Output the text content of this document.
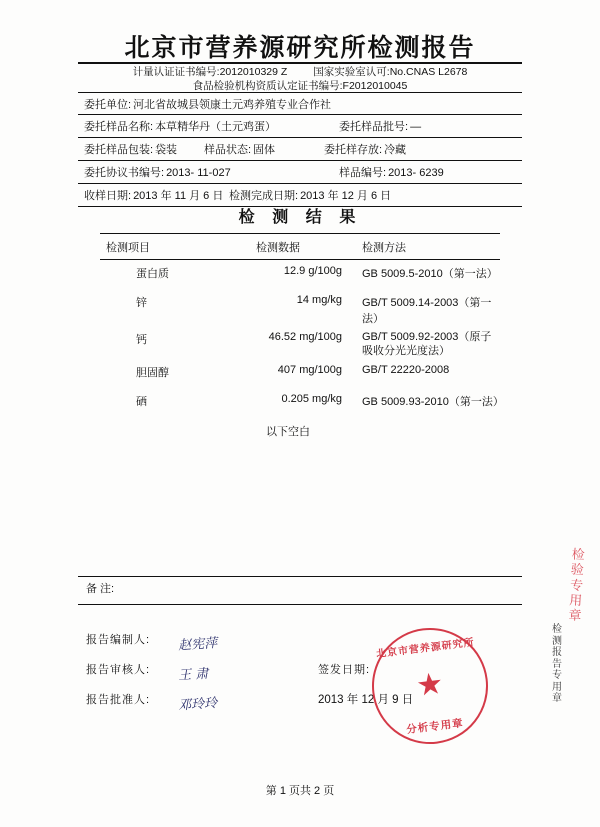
北京市营养源研究所检测报告
计量认证证书编号:2012010329 Z 国家实验室认可:No.CNAS L2678
食品检验机构资质认定证书编号:F2012010045
委托单位: 河北省故城县领康土元鸡养殖专业合作社
委托样品名称: 本草精华丹（土元鸡蛋）	委托样品批号: —
委托样品包装: 袋装 样品状态: 固体	委托样存放: 冷藏
委托协议书编号: 2013- 11-027	样品编号: 2013- 6239
收样日期: 2013 年 11 月 6 日 检测完成日期: 2013 年 12 月 6 日
检 测 结 果
检测项目	检测数据	检测方法
蛋白质	12.9 g/100g	GB 5009.5-2010（第一法）
锌	14 mg/kg	GB/T 5009.14-2003（第一法）
钙	46.52 mg/100g	GB/T 5009.92-2003（原子吸收分光光度法）
胆固醇	407 mg/100g	GB/T 22220-2008
硒	0.205 mg/kg	GB 5009.93-2010（第一法）
以下空白
备 注:
报告编制人:	赵宪萍
报告审核人:	王 肃	签发日期:
报告批准人:	邓玲玲	2013 年 12 月 9 日
北京市营养源研究所
★
分析专用章
检验专用章
检测报告专用章
第 1 页共 2 页
